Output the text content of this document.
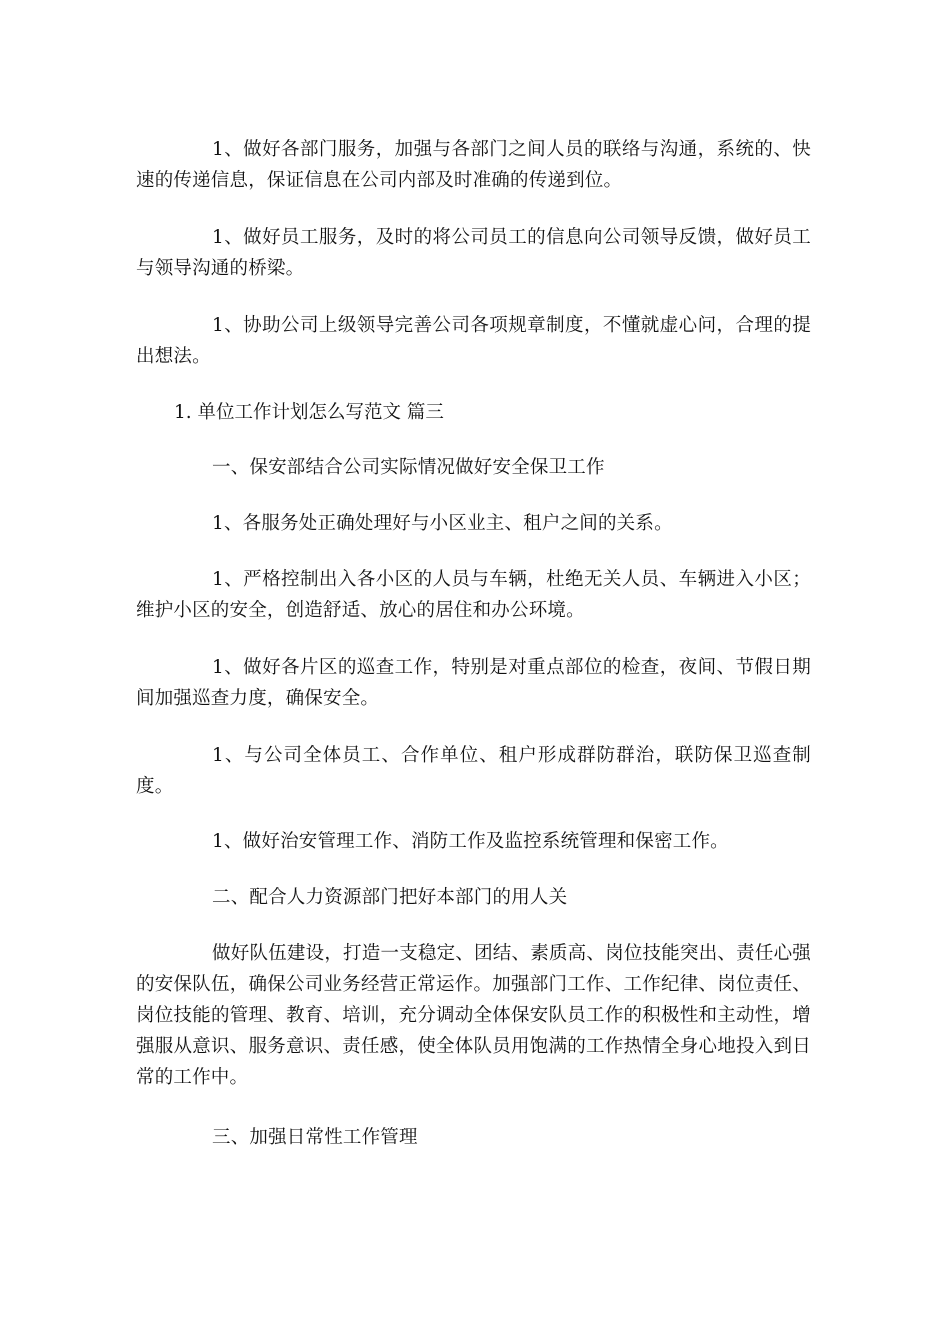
1、做好各部门服务，加强与各部门之间人员的联络与沟通，系统的、快速的传递信息，保证信息在公司内部及时准确的传递到位。

1、做好员工服务，及时的将公司员工的信息向公司领导反馈，做好员工与领导沟通的桥梁。

1、协助公司上级领导完善公司各项规章制度，不懂就虚心问，合理的提出想法。

1. 单位工作计划怎么写范文 篇三

一、保安部结合公司实际情况做好安全保卫工作

1、各服务处正确处理好与小区业主、租户之间的关系。

1、严格控制出入各小区的人员与车辆，杜绝无关人员、车辆进入小区；维护小区的安全，创造舒适、放心的居住和办公环境。

1、做好各片区的巡查工作，特别是对重点部位的检查，夜间、节假日期间加强巡查力度，确保安全。

1、与公司全体员工、合作单位、租户形成群防群治，联防保卫巡查制度。

1、做好治安管理工作、消防工作及监控系统管理和保密工作。

二、配合人力资源部门把好本部门的用人关

做好队伍建设，打造一支稳定、团结、素质高、岗位技能突出、责任心强的安保队伍，确保公司业务经营正常运作。加强部门工作、工作纪律、岗位责任、岗位技能的管理、教育、培训，充分调动全体保安队员工作的积极性和主动性，增强服从意识、服务意识、责任感，使全体队员用饱满的工作热情全身心地投入到日常的工作中。

三、加强日常性工作管理
